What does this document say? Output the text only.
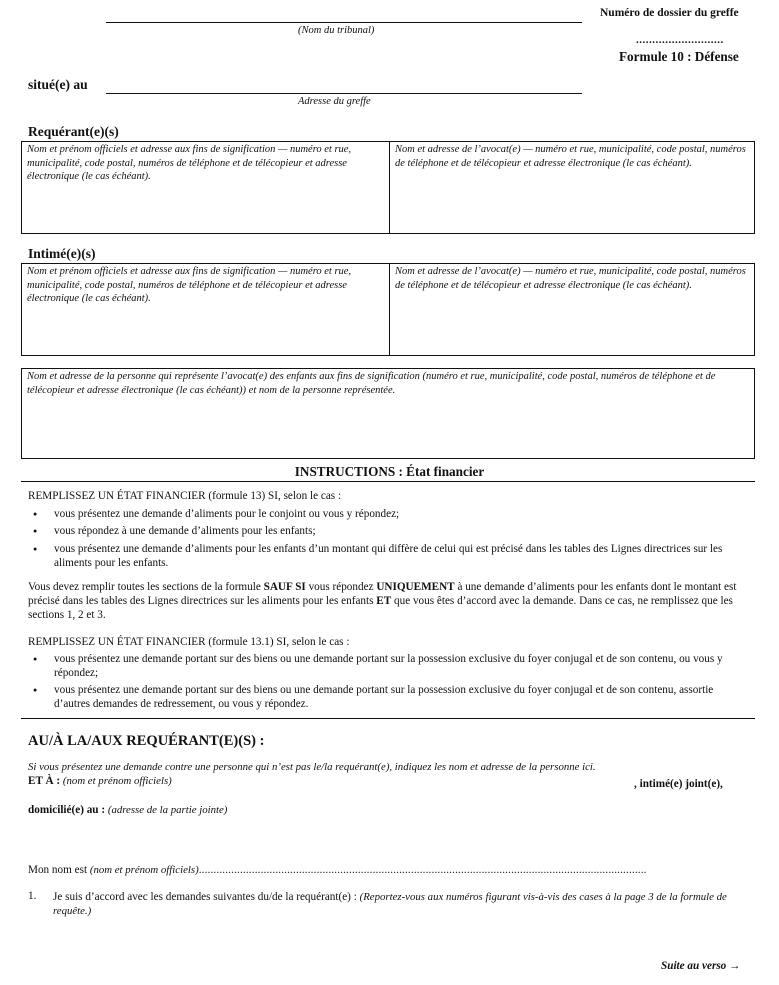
(Nom du tribunal)
Numéro de dossier du greffe
...........................
Formule 10 : Défense
situé(e) au
Adresse du greffe
Requérant(e)(s)
Nom et prénom officiels et adresse aux fins de signification — numéro et rue, municipalité, code postal, numéros de téléphone et de télécopieur et adresse électronique (le cas échéant).
Nom et adresse de l’avocat(e) — numéro et rue, municipalité, code postal, numéros de téléphone et de télécopieur et adresse électronique (le cas échéant).
Intimé(e)(s)
Nom et prénom officiels et adresse aux fins de signification — numéro et rue, municipalité, code postal, numéros de téléphone et de télécopieur et adresse électronique (le cas échéant).
Nom et adresse de l’avocat(e) — numéro et rue, municipalité, code postal, numéros de téléphone et de télécopieur et adresse électronique (le cas échéant).
Nom et adresse de la personne qui représente l’avocat(e) des enfants aux fins de signification (numéro et rue, municipalité, code postal, numéros de téléphone et de télécopieur et adresse électronique (le cas échéant)) et nom de la personne représentée.
INSTRUCTIONS : État financier
REMPLISSEZ UN ÉTAT FINANCIER (formule 13) SI, selon le cas :
● vous présentez une demande d’aliments pour le conjoint ou vous y répondez;
● vous répondez à une demande d’aliments pour les enfants;
● vous présentez une demande d’aliments pour les enfants d’un montant qui diffère de celui qui est précisé dans les tables des Lignes directrices sur les aliments pour les enfants.
Vous devez remplir toutes les sections de la formule SAUF SI vous répondez UNIQUEMENT à une demande d’aliments pour les enfants dont le montant est précisé dans les tables des Lignes directrices sur les aliments pour les enfants ET que vous êtes d’accord avec la demande. Dans ce cas, ne remplissez que les sections 1, 2 et 3.
REMPLISSEZ UN ÉTAT FINANCIER (formule 13.1) SI, selon le cas :
● vous présentez une demande portant sur des biens ou une demande portant sur la possession exclusive du foyer conjugal et de son contenu, ou vous y répondez;
● vous présentez une demande portant sur des biens ou une demande portant sur la possession exclusive du foyer conjugal et de son contenu, assortie d’autres demandes de redressement, ou vous y répondez.
AU/À LA/AUX REQUÉRANT(E)(S) :
Si vous présentez une demande contre une personne qui n’est pas le/la requérant(e), indiquez les nom et adresse de la personne ici.
ET À : (nom et prénom officiels)	, intimé(e) joint(e),
domicilié(e) au : (adresse de la partie jointe)
Mon nom est (nom et prénom officiels)........................................................................................................................................................
1. Je suis d’accord avec les demandes suivantes du/de la requérant(e) : (Reportez-vous aux numéros figurant vis-à-vis des cases à la page 3 de la formule de requête.)
Suite au verso →
